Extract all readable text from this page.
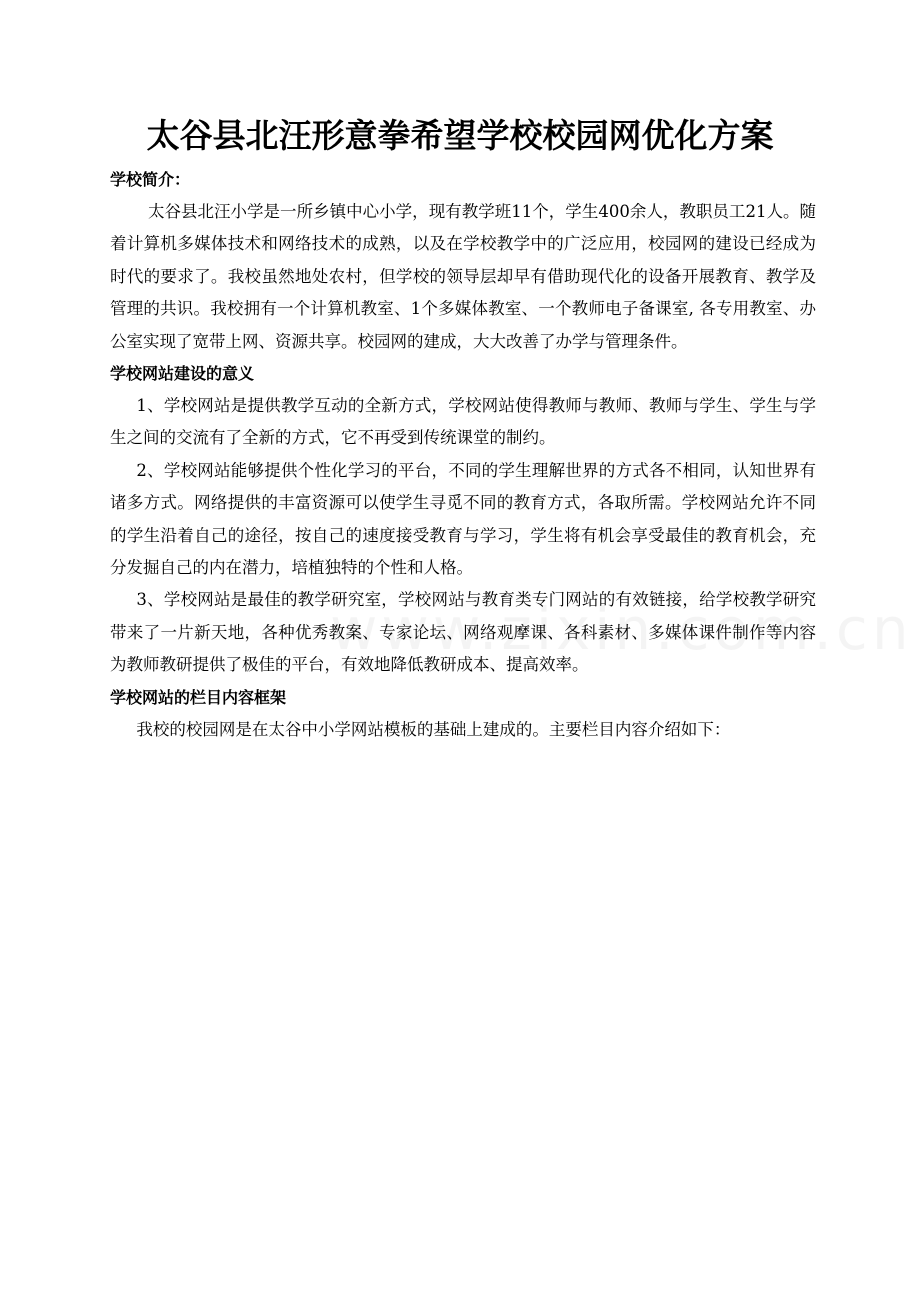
太谷县北汪形意拳希望学校校园网优化方案

学校简介：

太谷县北汪小学是一所乡镇中心小学，现有教学班11个，学生400余人，教职员工21人。随着计算机多媒体技术和网络技术的成熟，以及在学校教学中的广泛应用，校园网的建设已经成为时代的要求了。我校虽然地处农村，但学校的领导层却早有借助现代化的设备开展教育、教学及管理的共识。我校拥有一个计算机教室、1个多媒体教室、一个教师电子备课室, 各专用教室、办公室实现了宽带上网、资源共享。校园网的建成，大大改善了办学与管理条件。

学校网站建设的意义

1、学校网站是提供教学互动的全新方式，学校网站使得教师与教师、教师与学生、学生与学生之间的交流有了全新的方式，它不再受到传统课堂的制约。

2、学校网站能够提供个性化学习的平台，不同的学生理解世界的方式各不相同，认知世界有诸多方式。网络提供的丰富资源可以使学生寻觅不同的教育方式，各取所需。学校网站允许不同的学生沿着自己的途径，按自己的速度接受教育与学习，学生将有机会享受最佳的教育机会，充分发掘自己的内在潜力，培植独特的个性和人格。

3、学校网站是最佳的教学研究室，学校网站与教育类专门网站的有效链接，给学校教学研究带来了一片新天地，各种优秀教案、专家论坛、网络观摩课、各科素材、多媒体课件制作等内容为教师教研提供了极佳的平台，有效地降低教研成本、提高效率。

学校网站的栏目内容框架

我校的校园网是在太谷中小学网站模板的基础上建成的。主要栏目内容介绍如下：
